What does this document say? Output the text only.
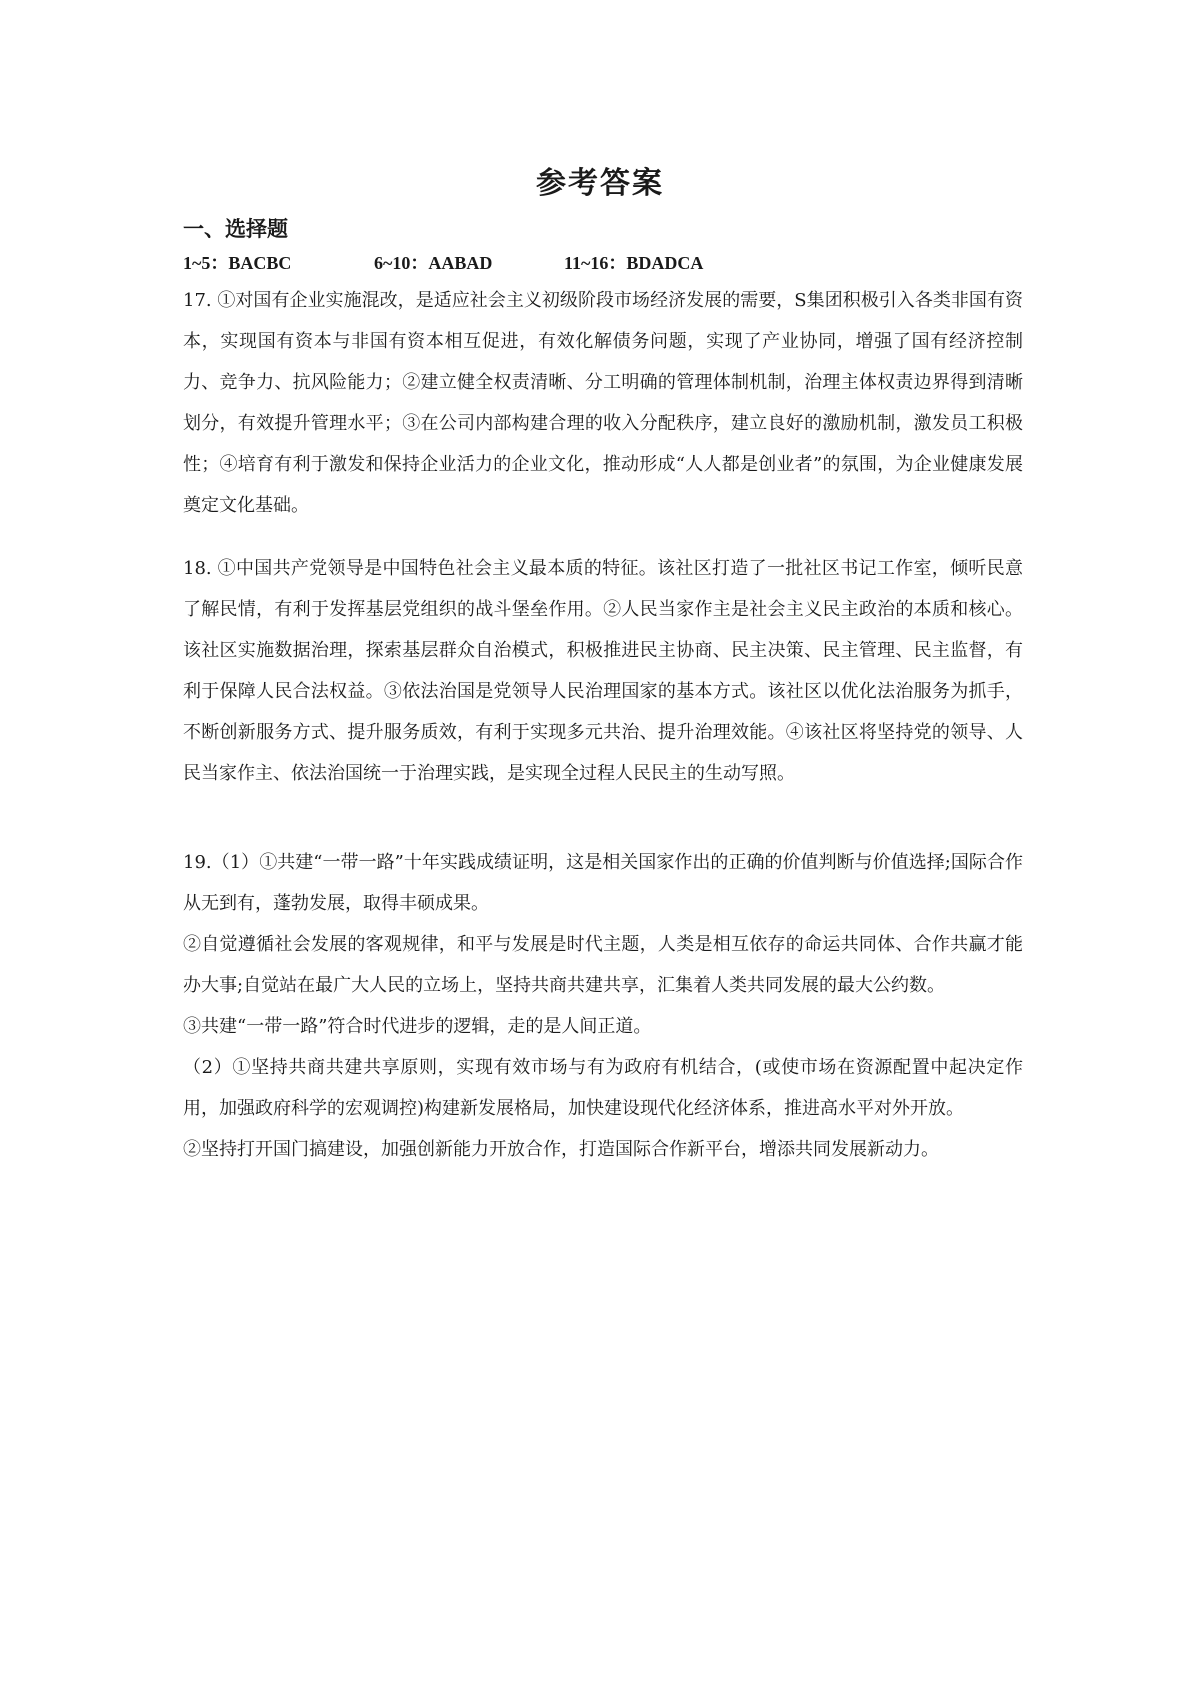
参考答案
一、选择题
1~5：BACBC	6~10：AABAD	11~16：BDADCA

17. ①对国有企业实施混改，是适应社会主义初级阶段市场经济发展的需要，S集团积极引入各类非国有资本，实现国有资本与非国有资本相互促进，有效化解债务问题，实现了产业协同，增强了国有经济控制力、竞争力、抗风险能力；②建立健全权责清晰、分工明确的管理体制机制，治理主体权责边界得到清晰划分，有效提升管理水平；③在公司内部构建合理的收入分配秩序，建立良好的激励机制，激发员工积极性；④培育有利于激发和保持企业活力的企业文化，推动形成“人人都是创业者”的氛围，为企业健康发展奠定文化基础。

18. ①中国共产党领导是中国特色社会主义最本质的特征。该社区打造了一批社区书记工作室，倾听民意了解民情，有利于发挥基层党组织的战斗堡垒作用。②人民当家作主是社会主义民主政治的本质和核心。该社区实施数据治理，探索基层群众自治模式，积极推进民主协商、民主决策、民主管理、民主监督，有利于保障人民合法权益。③依法治国是党领导人民治理国家的基本方式。该社区以优化法治服务为抓手，不断创新服务方式、提升服务质效，有利于实现多元共治、提升治理效能。④该社区将坚持党的领导、人民当家作主、依法治国统一于治理实践，是实现全过程人民民主的生动写照。

19.（1）①共建“一带一路”十年实践成绩证明，这是相关国家作出的正确的价值判断与价值选择;国际合作从无到有，蓬勃发展，取得丰硕成果。

②自觉遵循社会发展的客观规律，和平与发展是时代主题，人类是相互依存的命运共同体、合作共赢才能办大事;自觉站在最广大人民的立场上，坚持共商共建共享，汇集着人类共同发展的最大公约数。

③共建“一带一路”符合时代进步的逻辑，走的是人间正道。

（2）①坚持共商共建共享原则，实现有效市场与有为政府有机结合，(或使市场在资源配置中起决定作用，加强政府科学的宏观调控)构建新发展格局，加快建设现代化经济体系，推进高水平对外开放。

②坚持打开国门搞建设，加强创新能力开放合作，打造国际合作新平台，增添共同发展新动力。
